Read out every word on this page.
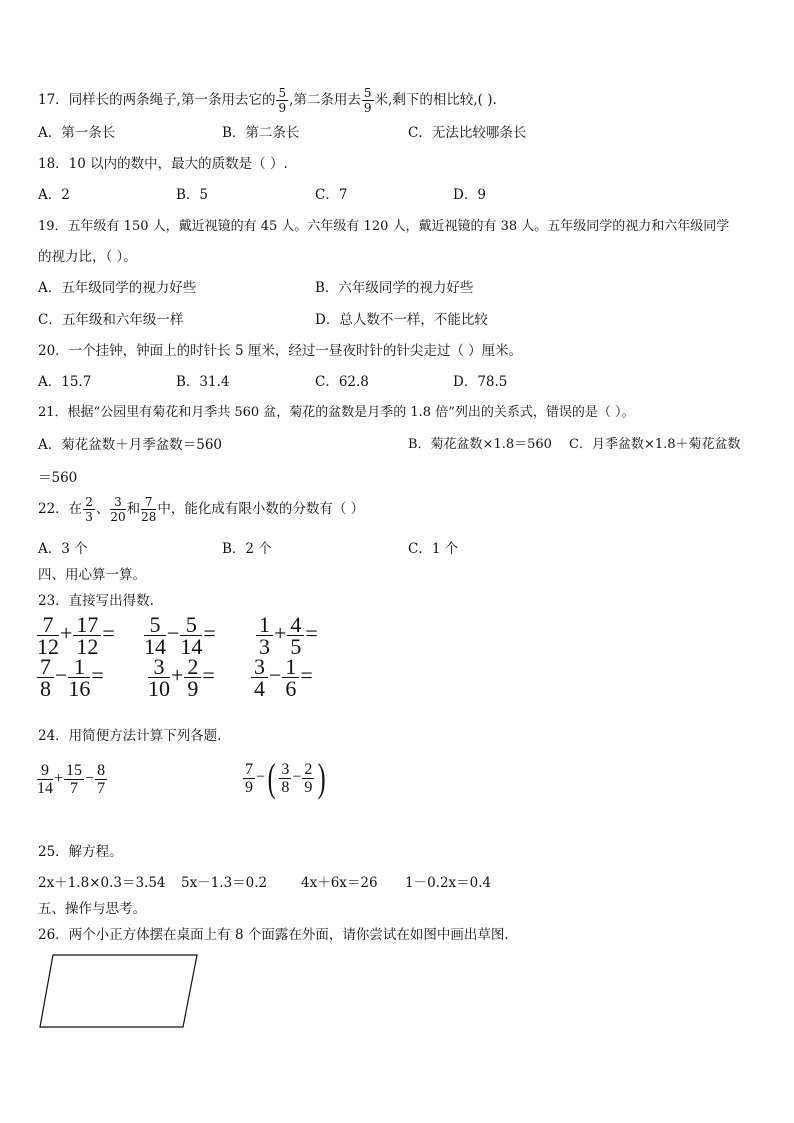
17．同样长的两条绳子,第一条用去它的 $\frac{5}{9}$ ,第二条用去 $\frac{5}{9}$ 米,剩下的相比较,( ).
A．第一条长	B．第二条长	C．无法比较哪条长
18．10 以内的数中，最大的质数是（ ）.
A．2	B．5	C．7	D．9
19．五年级有 150 人，戴近视镜的有 45 人。六年级有 120 人，戴近视镜的有 38 人。五年级同学的视力和六年级同学
的视力比，（ ）。
A．五年级同学的视力好些	B．六年级同学的视力好些
C．五年级和六年级一样	D．总人数不一样，不能比较
20．一个挂钟，钟面上的时针长 5 厘米，经过一昼夜时针的针尖走过（ ）厘米。
A．15.7	B．31.4	C．62.8	D．78.5
21．根据“公园里有菊花和月季共 560 盆，菊花的盆数是月季的 1.8 倍”列出的关系式，错误的是（ ）。
A．菊花盆数＋月季盆数＝560	B．菊花盆数×1.8＝560 C．月季盆数×1.8＋菊花盆数
＝560
22．在 $\frac{2}{3}$ 、 $\frac{3}{20}$ 和 $\frac{7}{28}$ 中，能化成有限小数的分数有（ ）
A．3 个	B．2 个	C．1 个
四、用心算一算。
23．直接写出得数.
$\frac{7}{12} + \frac{17}{12} = \frac{5}{14} - \frac{5}{14} = \frac{1}{3} + \frac{4}{5}$ =
$\frac{7}{8} - \frac{1}{16} = \frac{3}{10} + \frac{2}{9} = \frac{3}{4} - \frac{1}{6}$ =
24．用简便方法计算下列各题.
$\frac{9}{14} + \frac{15}{7} - \frac{8}{7}$	$\frac{7}{9}$ −( $\frac{3}{8} - \frac{2}{9}$ )
25．解方程。
2x＋1.8×0.3＝3.54 5x－1.3＝0.2	4x＋6x＝26 1－0.2x＝0.4
五、操作与思考。
26．两个小正方体摆在桌面上有 8 个面露在外面，请你尝试在如图中画出草图.
